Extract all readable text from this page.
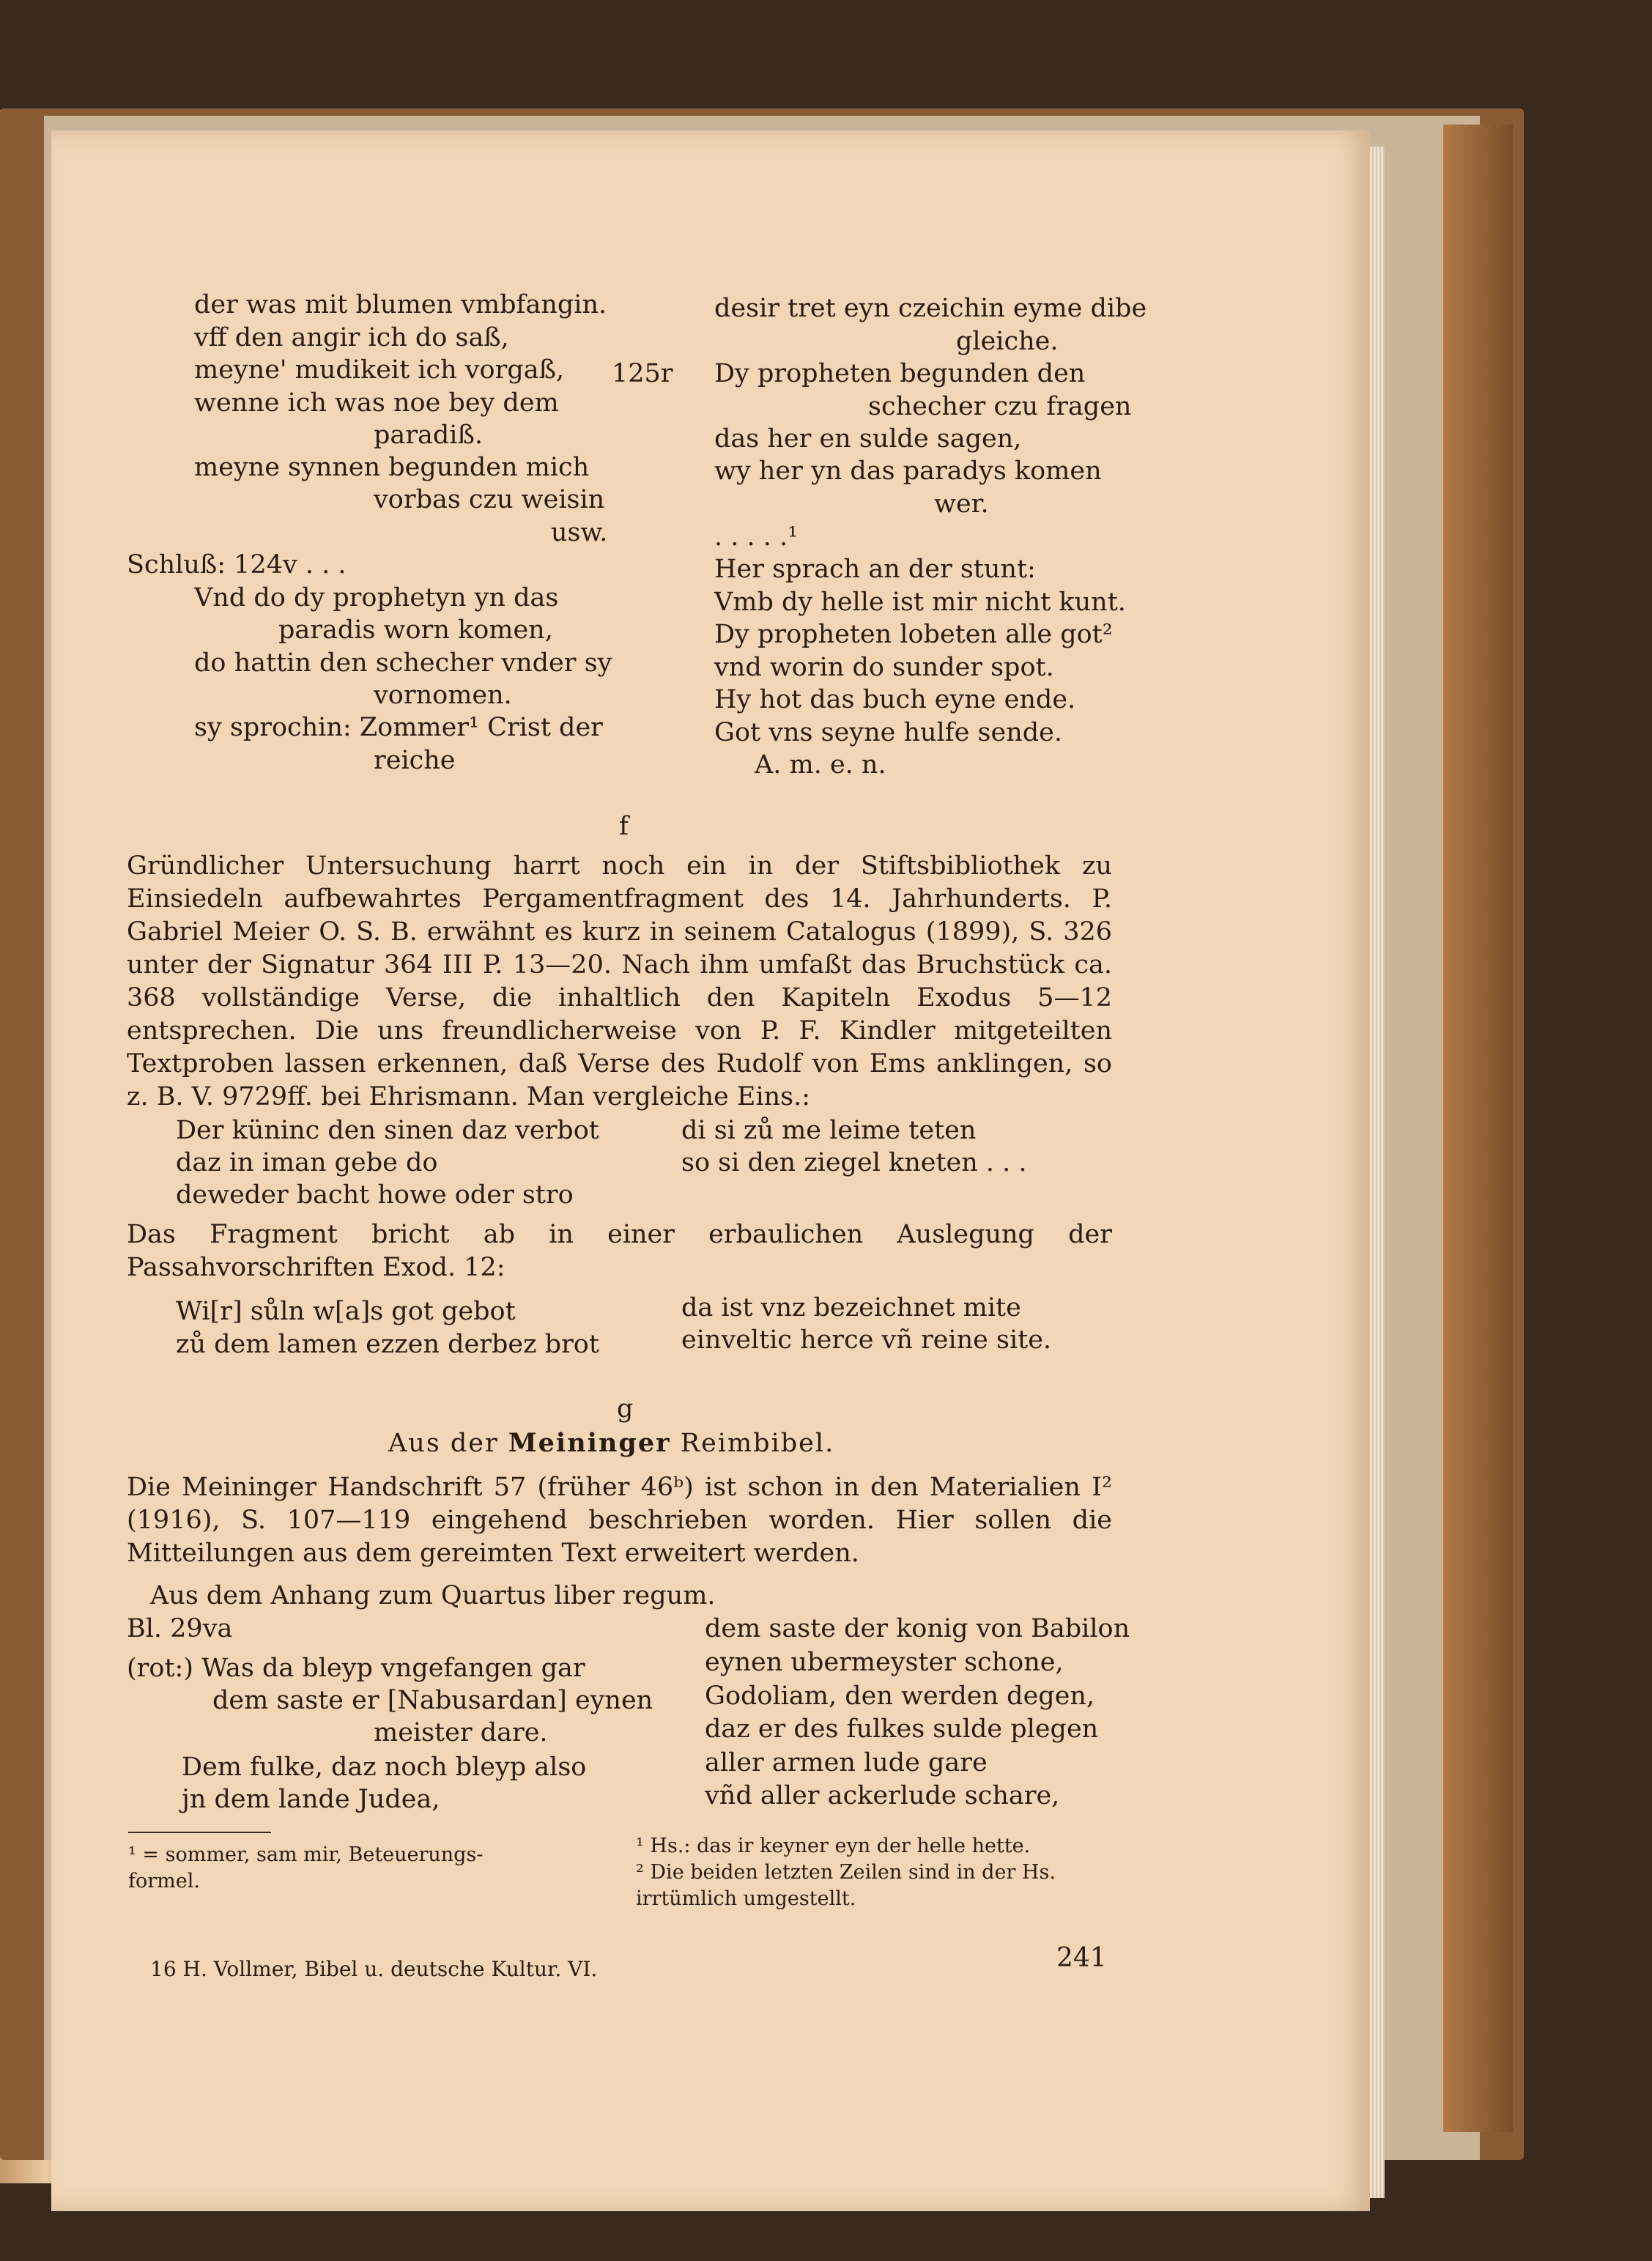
der was mit blumen vmbfangin.
vff den angir ich do saß,
meyne' mudikeit ich vorgaß,
wenne ich was noe bey dem
paradiß.
meyne synnen begunden mich
vorbas czu weisin
usw.
Schluß: 124v . . .
Vnd do dy prophetyn yn das
paradis worn komen,
do hattin den schecher vnder sy
vornomen.
sy sprochin: Zommer¹ Crist der
reiche
desir tret eyn czeichin eyme dibe
gleiche.
125r Dy propheten begunden den
schecher czu fragen
das her en sulde sagen,
wy her yn das paradys komen
wer.
. . . . .¹
Her sprach an der stunt:
Vmb dy helle ist mir nicht kunt.
Dy propheten lobeten alle got²
vnd worin do sunder spot.
Hy hot das buch eyne ende.
Got vns seyne hulfe sende.
A. m. e. n.
f
Gründlicher Untersuchung harrt noch ein in der Stiftsbibliothek zu Einsiedeln aufbewahrtes Pergamentfragment des 14. Jahrhunderts. P. Gabriel Meier O. S. B. erwähnt es kurz in seinem Catalogus (1899), S. 326 unter der Signatur 364 III P. 13—20. Nach ihm umfaßt das Bruchstück ca. 368 vollständige Verse, die inhaltlich den Kapiteln Exodus 5—12 entsprechen. Die uns freundlicherweise von P. F. Kindler mitgeteilten Textproben lassen erkennen, daß Verse des Rudolf von Ems anklingen, so z. B. V. 9729ff. bei Ehrismann. Man vergleiche Eins.:
Der küninc den sinen daz verbot
daz in iman gebe do
deweder bacht howe oder stro
di si zů me leime teten
so si den ziegel kneten . . .
Das Fragment bricht ab in einer erbaulichen Auslegung der Passahvorschriften Exod. 12:
Wi[r] sůln w[a]s got gebot
zů dem lamen ezzen derbez brot
da ist vnz bezeichnet mite
einveltic herce vñ reine site.
g
Aus der Meininger Reimbibel.
Die Meininger Handschrift 57 (früher 46ᵇ) ist schon in den Materialien I² (1916), S. 107—119 eingehend beschrieben worden. Hier sollen die Mitteilungen aus dem gereimten Text erweitert werden.
Aus dem Anhang zum Quartus liber regum.
Bl. 29va
(rot:) Was da bleyp vngefangen gar
dem saste er [Nabusardan] eynen
meister dare.
Dem fulke, daz noch bleyp also
jn dem lande Judea,
dem saste der konig von Babilon
eynen ubermeyster schone,
Godoliam, den werden degen,
daz er des fulkes sulde plegen
aller armen lude gare
vñd aller ackerlude schare,
¹ = sommer, sam mir, Beteuerungs-
formel.
¹ Hs.: das ir keyner eyn der helle hette.
² Die beiden letzten Zeilen sind in der Hs.
irrtümlich umgestellt.
16 H. Vollmer, Bibel u. deutsche Kultur. VI.	241
